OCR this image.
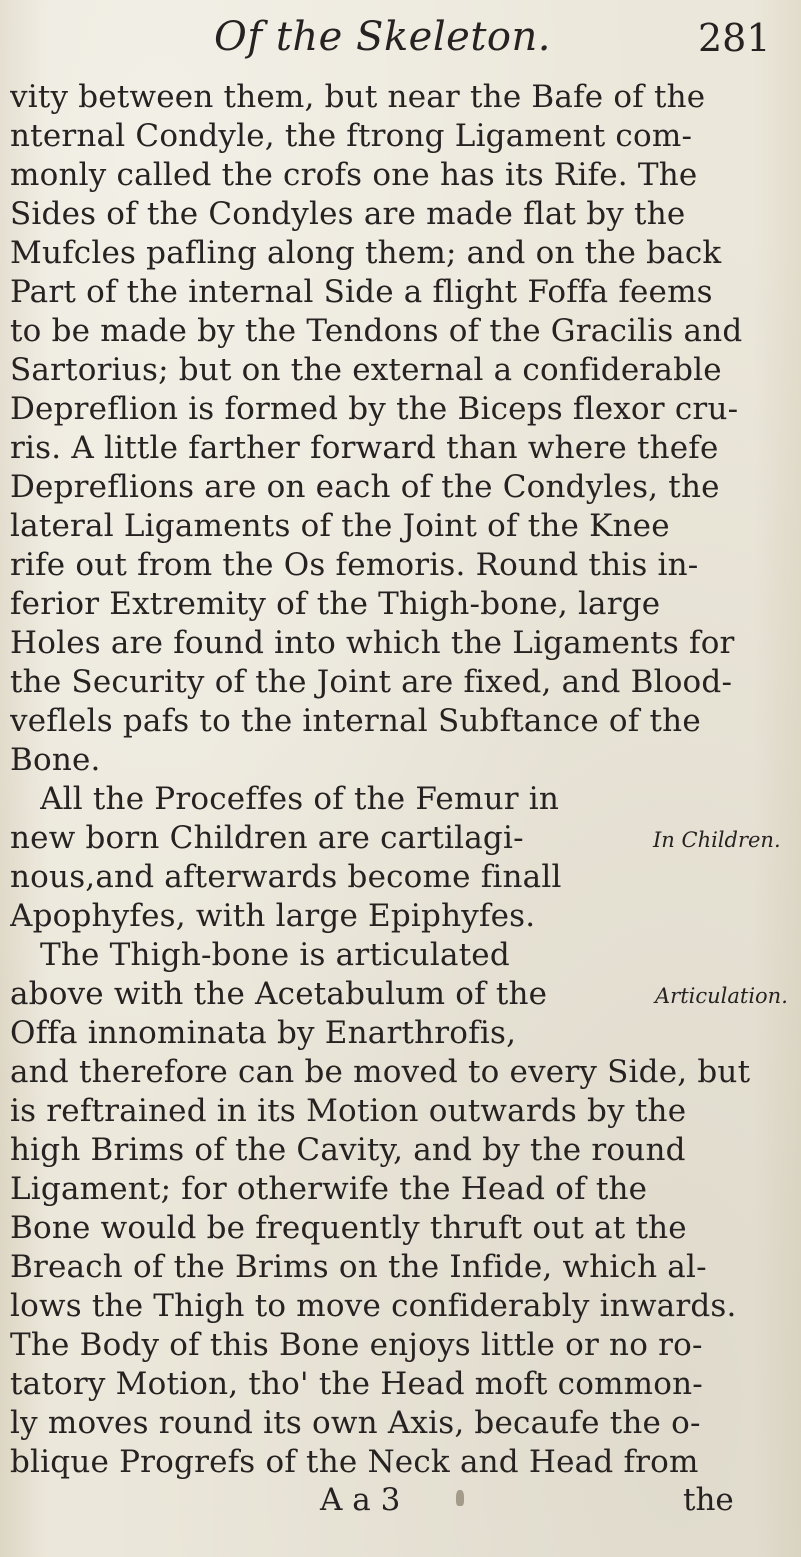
Of the Skeleton.	281
vity between them, but near the Bafe of the
nternal Condyle, the ftrong Ligament com-
monly called the crofs one has its Rife. The
Sides of the Condyles are made flat by the
Mufcles pafling along them; and on the back
Part of the internal Side a flight Foffa feems
to be made by the Tendons of the Gracilis and
Sartorius; but on the external a confiderable
Depreflion is formed by the Biceps flexor cru-
ris. A little farther forward than where thefe
Depreflions are on each of the Condyles, the
lateral Ligaments of the Joint of the Knee
rife out from the Os femoris. Round this in-
ferior Extremity of the Thigh-bone, large
Holes are found into which the Ligaments for
the Security of the Joint are fixed, and Blood-
veflels pafs to the internal Subftance of the
Bone.
All the Proceffes of the Femur in
new born Children are cartilagi-
nous,and afterwards become finall
Apophyfes, with large Epiphyfes.
The Thigh-bone is articulated
above with the Acetabulum of the
Offa innominata by Enarthrofis,
and therefore can be moved to every Side, but
is reftrained in its Motion outwards by the
high Brims of the Cavity, and by the round
Ligament; for otherwife the Head of the
Bone would be frequently thruft out at the
Breach of the Brims on the Infide, which al-
lows the Thigh to move confiderably inwards.
The Body of this Bone enjoys little or no ro-
tatory Motion, tho' the Head moft common-
ly moves round its own Axis, becaufe the o-
blique Progrefs of the Neck and Head from
In Children.
Articulation.
A a 3	the
